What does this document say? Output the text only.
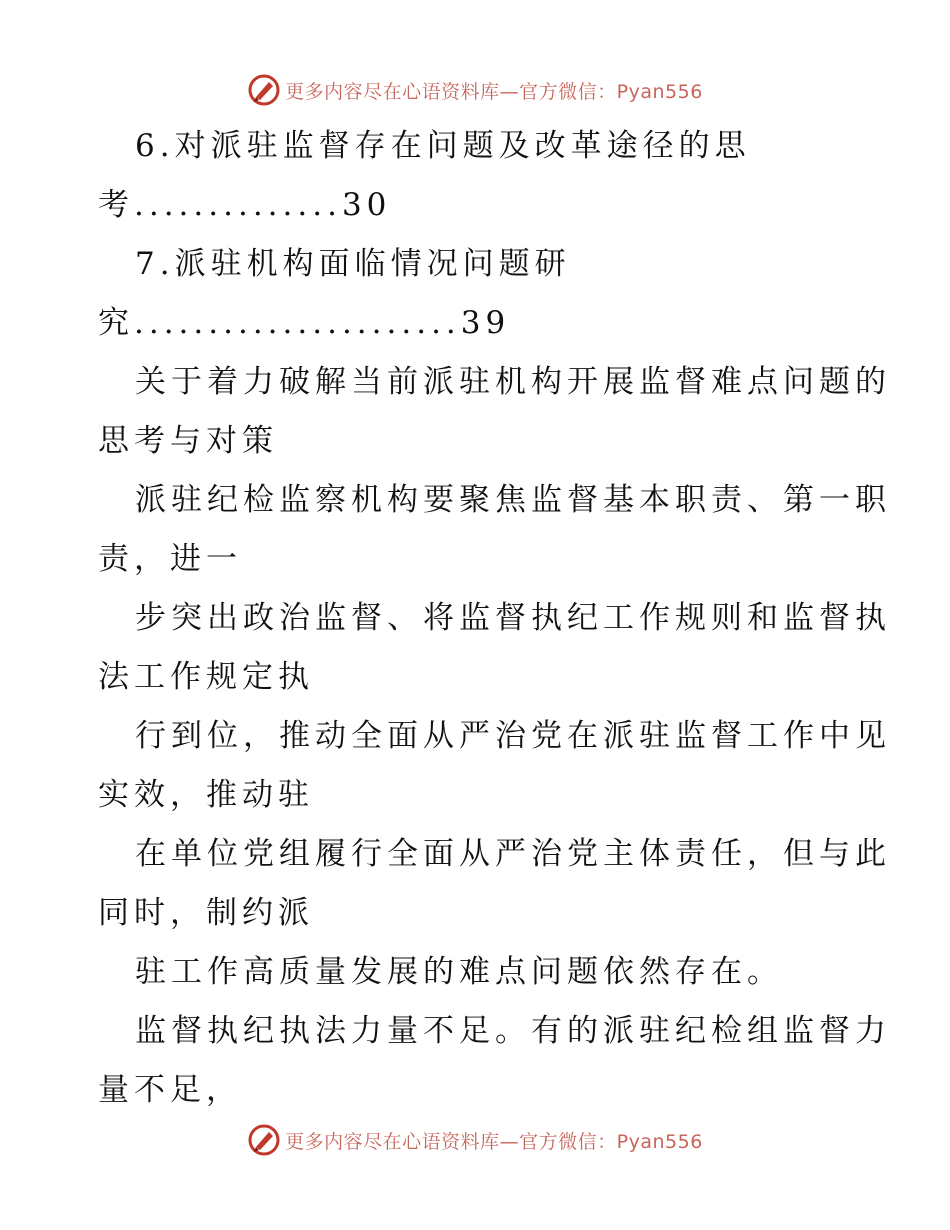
更多内容尽在心语资料库—官方微信：Pyan556
6.对派驻监督存在问题及改革途径的思
考..............30
7.派驻机构面临情况问题研
究......................39
关于着力破解当前派驻机构开展监督难点问题的
思考与对策
派驻纪检监察机构要聚焦监督基本职责、第一职
责，进一
步突出政治监督、将监督执纪工作规则和监督执
法工作规定执
行到位，推动全面从严治党在派驻监督工作中见
实效，推动驻
在单位党组履行全面从严治党主体责任，但与此
同时，制约派
驻工作高质量发展的难点问题依然存在。
监督执纪执法力量不足。有的派驻纪检组监督力
量不足，
更多内容尽在心语资料库—官方微信：Pyan556
